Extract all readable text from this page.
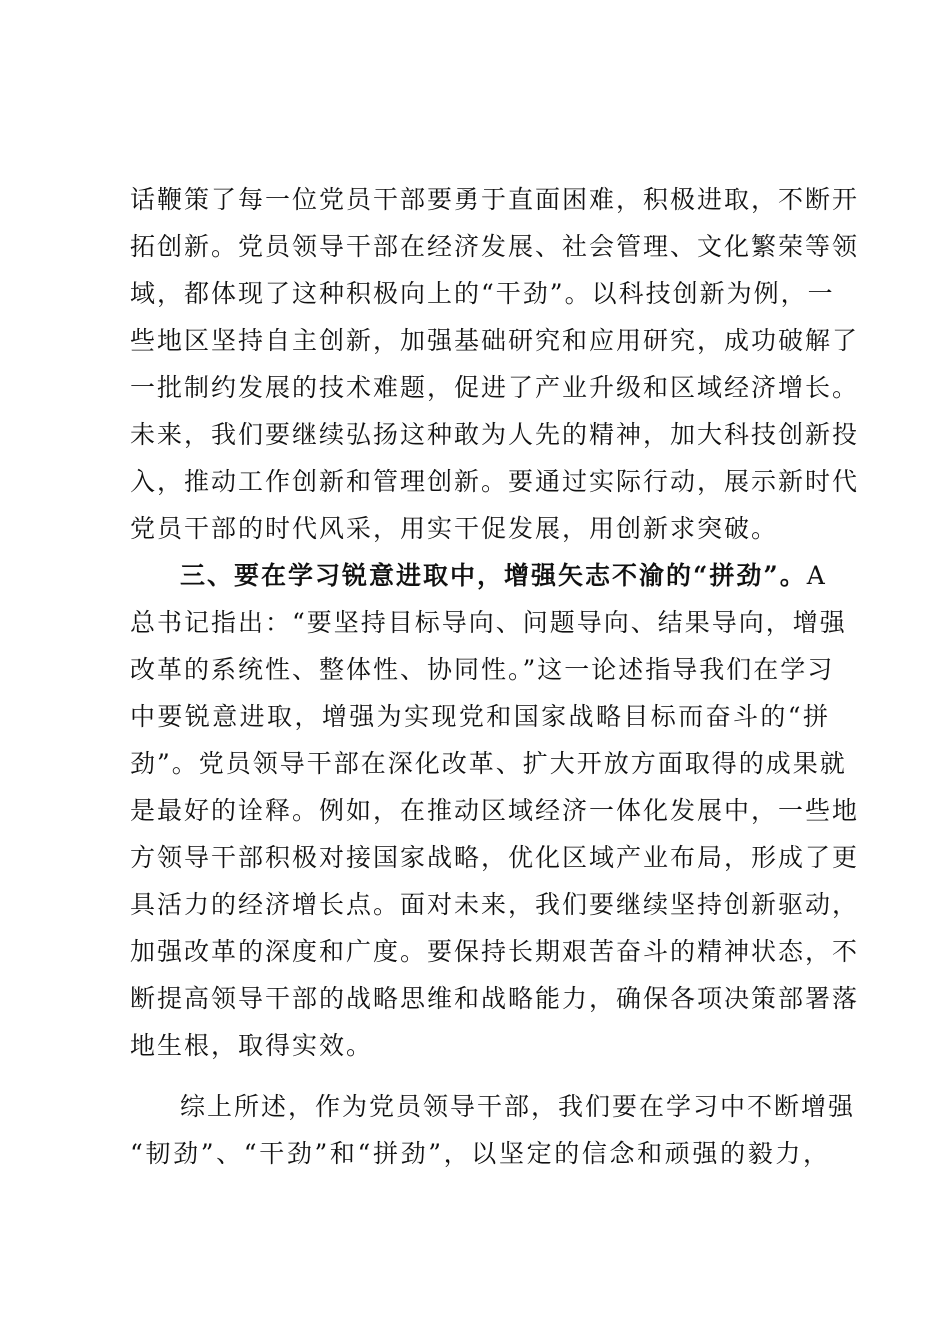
话鞭策了每一位党员干部要勇于直面困难，积极进取，不断开
拓创新。党员领导干部在经济发展、社会管理、文化繁荣等领
域，都体现了这种积极向上的“干劲”。以科技创新为例，一
些地区坚持自主创新，加强基础研究和应用研究，成功破解了
一批制约发展的技术难题，促进了产业升级和区域经济增长。
未来，我们要继续弘扬这种敢为人先的精神，加大科技创新投
入，推动工作创新和管理创新。要通过实际行动，展示新时代
党员干部的时代风采，用实干促发展，用创新求突破。
三、要在学习锐意进取中，增强矢志不渝的“拼劲”。A
总书记指出：“要坚持目标导向、问题导向、结果导向，增强
改革的系统性、整体性、协同性。”这一论述指导我们在学习
中要锐意进取，增强为实现党和国家战略目标而奋斗的“拼
劲”。党员领导干部在深化改革、扩大开放方面取得的成果就
是最好的诠释。例如，在推动区域经济一体化发展中，一些地
方领导干部积极对接国家战略，优化区域产业布局，形成了更
具活力的经济增长点。面对未来，我们要继续坚持创新驱动，
加强改革的深度和广度。要保持长期艰苦奋斗的精神状态，不
断提高领导干部的战略思维和战略能力，确保各项决策部署落
地生根，取得实效。
综上所述，作为党员领导干部，我们要在学习中不断增强
“韧劲”、“干劲”和“拼劲”，以坚定的信念和顽强的毅力，
